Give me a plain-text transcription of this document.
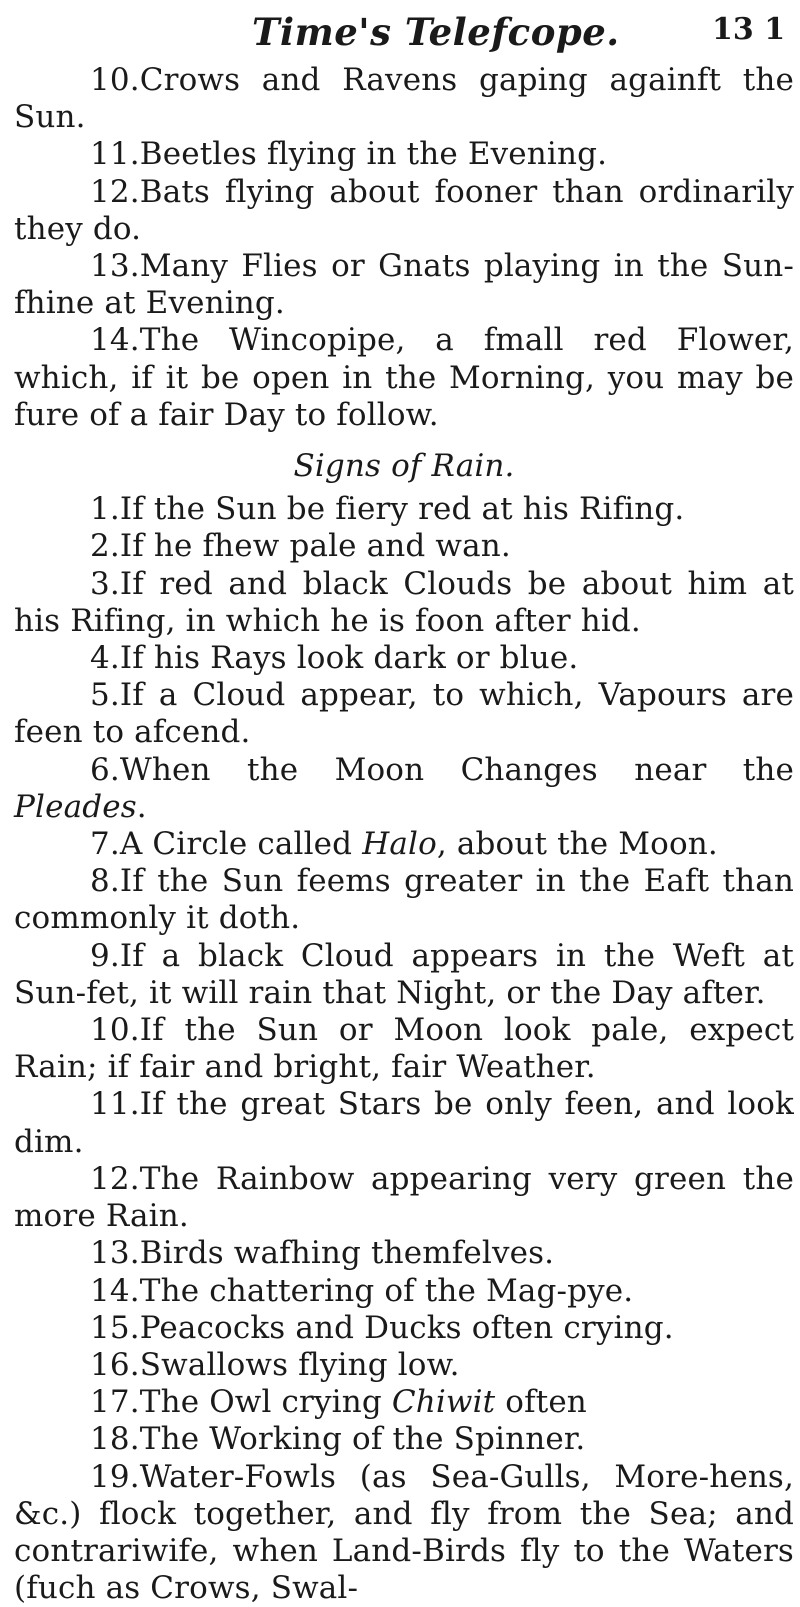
Time's Telefcope.	13 1

10.Crows and Ravens gaping againft the Sun.

11.Beetles flying in the Evening.

12.Bats flying about fooner than ordinarily they do.

13.Many Flies or Gnats playing in the Sun-fhine at Evening.

14.The Wincopipe, a fmall red Flower, which, if it be open in the Morning, you may be fure of a fair Day to follow.

Signs of Rain.

1.If the Sun be fiery red at his Rifing.

2.If he fhew pale and wan.

3.If red and black Clouds be about him at his Rifing, in which he is foon after hid.

4.If his Rays look dark or blue.

5.If a Cloud appear, to which, Vapours are feen to afcend.

6.When the Moon Changes near the Pleades.

7.A Circle called Halo, about the Moon.

8.If the Sun feems greater in the Eaft than commonly it doth.

9.If a black Cloud appears in the Weft at Sun-fet, it will rain that Night, or the Day after.

10.If the Sun or Moon look pale, expect Rain; if fair and bright, fair Weather.

11.If the great Stars be only feen, and look dim.

12.The Rainbow appearing very green the more Rain.

13.Birds wafhing themfelves.

14.The chattering of the Mag-pye.

15.Peacocks and Ducks often crying.

16.Swallows flying low.

17.The Owl crying Chiwit often

18.The Working of the Spinner.

19.Water-Fowls (as Sea-Gulls, More-hens, &c.) flock together, and fly from the Sea; and contrariwife, when Land-Birds fly to the Waters (fuch as Crows, Swal-
